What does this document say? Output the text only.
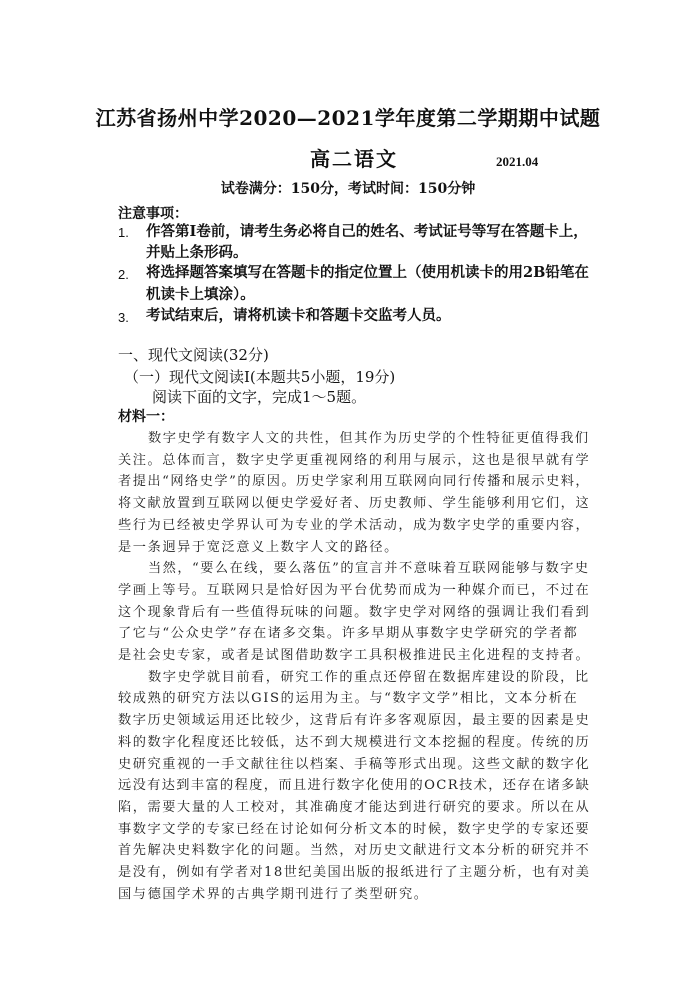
江苏省扬州中学2020—2021学年度第二学期期中试题
高二语文	2021.04
试卷满分：150分，考试时间：150分钟
注意事项：
1. 作答第Ⅰ卷前，请考生务必将自己的姓名、考试证号等写在答题卡上，
并贴上条形码。
2. 将选择题答案填写在答题卡的指定位置上（使用机读卡的用2B铅笔在
机读卡上填涂）。
3. 考试结束后，请将机读卡和答题卡交监考人员。
一、现代文阅读(32分)
（一）现代文阅读Ⅰ(本题共5小题，19分)
阅读下面的文字，完成1～5题。
材料一：
数字史学有数字人文的共性，但其作为历史学的个性特征更值得我们
关注。总体而言，数字史学更重视网络的利用与展示，这也是很早就有学
者提出“网络史学”的原因。历史学家利用互联网向同行传播和展示史料，
将文献放置到互联网以便史学爱好者、历史教师、学生能够利用它们，这
些行为已经被史学界认可为专业的学术活动，成为数字史学的重要内容，
是一条迥异于宽泛意义上数字人文的路径。
当然，“要么在线，要么落伍”的宣言并不意味着互联网能够与数字史
学画上等号。互联网只是恰好因为平台优势而成为一种媒介而已，不过在
这个现象背后有一些值得玩味的问题。数字史学对网络的强调让我们看到
了它与“公众史学”存在诸多交集。许多早期从事数字史学研究的学者都
是社会史专家，或者是试图借助数字工具积极推进民主化进程的支持者。
数字史学就目前看，研究工作的重点还停留在数据库建设的阶段，比
较成熟的研究方法以GIS的运用为主。与“数字文学”相比，文本分析在
数字历史领域运用还比较少，这背后有许多客观原因，最主要的因素是史
料的数字化程度还比较低，达不到大规模进行文本挖掘的程度。传统的历
史研究重视的一手文献往往以档案、手稿等形式出现。这些文献的数字化
远没有达到丰富的程度，而且进行数字化使用的OCR技术，还存在诸多缺
陷，需要大量的人工校对，其准确度才能达到进行研究的要求。所以在从
事数字文学的专家已经在讨论如何分析文本的时候，数字史学的专家还要
首先解决史料数字化的问题。当然，对历史文献进行文本分析的研究并不
是没有，例如有学者对18世纪美国出版的报纸进行了主题分析，也有对美
国与德国学术界的古典学期刊进行了类型研究。
